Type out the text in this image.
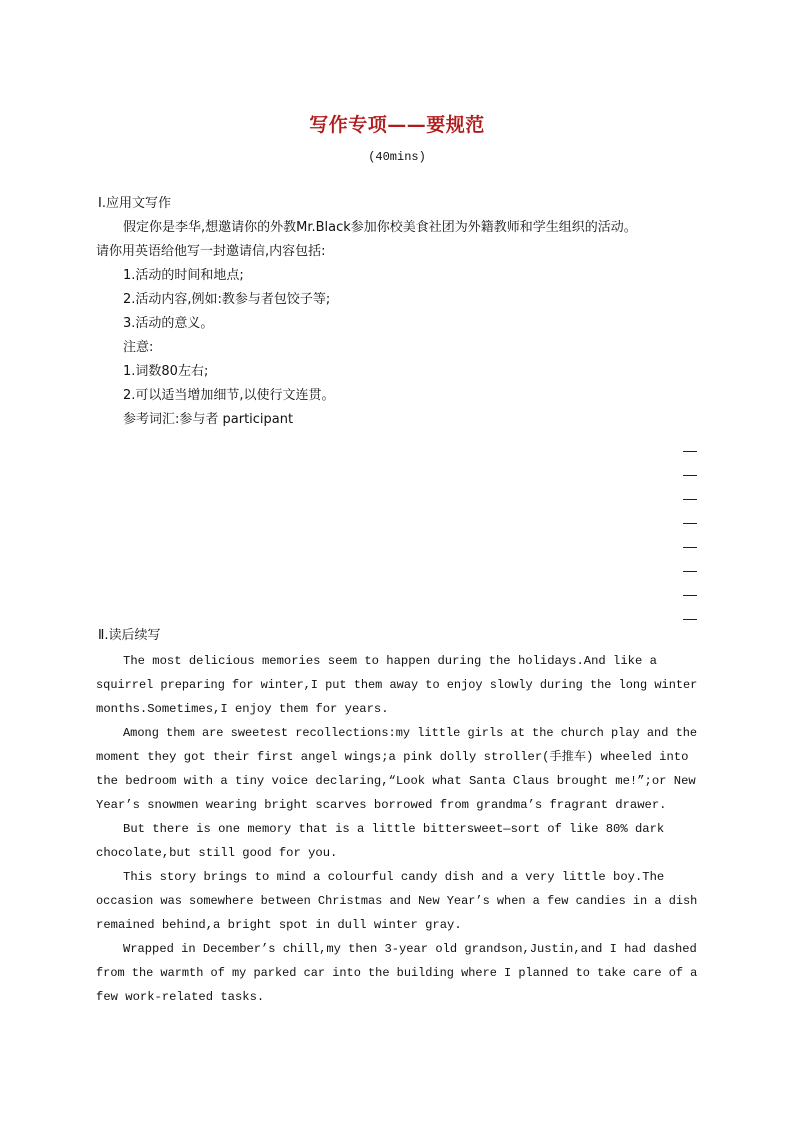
写作专项——要规范
(40mins)
Ⅰ.应用文写作
假定你是李华,想邀请你的外教Mr.Black参加你校美食社团为外籍教师和学生组织的活动。
请你用英语给他写一封邀请信,内容包括:
1.活动的时间和地点;
2.活动内容,例如:教参与者包饺子等;
3.活动的意义。
注意:
1.词数80左右;
2.可以适当增加细节,以使行文连贯。
参考词汇:参与者 participant
Ⅱ.读后续写
The most delicious memories seem to happen during the holidays.And like a
squirrel preparing for winter,I put them away to enjoy slowly during the long winter
months.Sometimes,I enjoy them for years.
Among them are sweetest recollections:my little girls at the church play and the
moment they got their first angel wings;a pink dolly stroller(手推车) wheeled into
the bedroom with a tiny voice declaring,“Look what Santa Claus brought me!”;or New
Year’s snowmen wearing bright scarves borrowed from grandma’s fragrant drawer.
But there is one memory that is a little bittersweet—sort of like 80% dark
chocolate,but still good for you.
This story brings to mind a colourful candy dish and a very little boy.The
occasion was somewhere between Christmas and New Year’s when a few candies in a dish
remained behind,a bright spot in dull winter gray.
Wrapped in December’s chill,my then 3-year old grandson,Justin,and I had dashed
from the warmth of my parked car into the building where I planned to take care of a
few work-related tasks.
